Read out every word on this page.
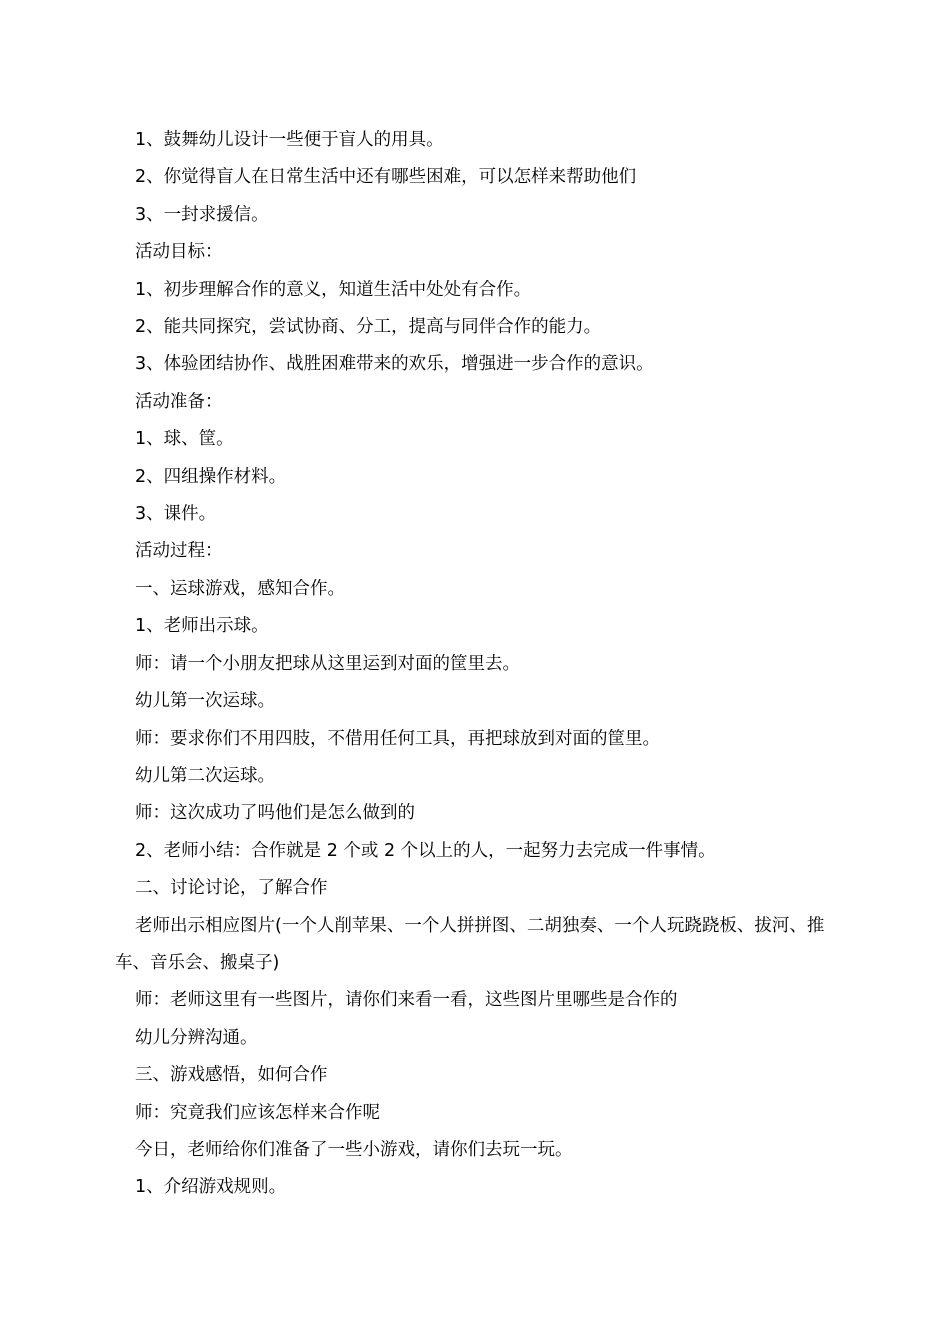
1、鼓舞幼儿设计一些便于盲人的用具。

2、你觉得盲人在日常生活中还有哪些困难，可以怎样来帮助他们

3、一封求援信。

活动目标：

1、初步理解合作的意义，知道生活中处处有合作。

2、能共同探究，尝试协商、分工，提高与同伴合作的能力。

3、体验团结协作、战胜困难带来的欢乐，增强进一步合作的意识。

活动准备：

1、球、筐。

2、四组操作材料。

3、课件。

活动过程：

一、运球游戏，感知合作。

1、老师出示球。

师：请一个小朋友把球从这里运到对面的筐里去。

幼儿第一次运球。

师：要求你们不用四肢，不借用任何工具，再把球放到对面的筐里。

幼儿第二次运球。

师：这次成功了吗他们是怎么做到的

2、老师小结：合作就是 2 个或 2 个以上的人，一起努力去完成一件事情。

二、讨论讨论，了解合作

老师出示相应图片(一个人削苹果、一个人拼拼图、二胡独奏、一个人玩跷跷板、拔河、推车、音乐会、搬桌子)

师：老师这里有一些图片，请你们来看一看，这些图片里哪些是合作的

幼儿分辨沟通。

三、游戏感悟，如何合作

师：究竟我们应该怎样来合作呢

今日，老师给你们准备了一些小游戏，请你们去玩一玩。

1、介绍游戏规则。
